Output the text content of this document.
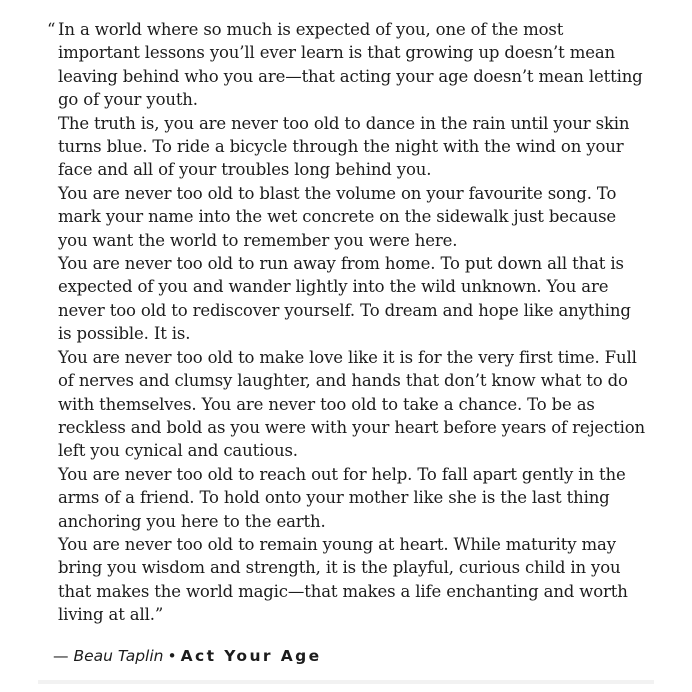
“ In a world where so much is expected of you, one of the most important lessons you’ll ever learn is that growing up doesn’t mean leaving behind who you are—that acting your age doesn’t mean letting go of your youth.

The truth is, you are never too old to dance in the rain until your skin turns blue. To ride a bicycle through the night with the wind on your face and all of your troubles long behind you.

You are never too old to blast the volume on your favourite song. To mark your name into the wet concrete on the sidewalk just because you want the world to remember you were here.

You are never too old to run away from home. To put down all that is expected of you and wander lightly into the wild unknown. You are never too old to rediscover yourself. To dream and hope like anything is possible. It is.

You are never too old to make love like it is for the very first time. Full of nerves and clumsy laughter, and hands that don’t know what to do with themselves. You are never too old to take a chance. To be as reckless and bold as you were with your heart before years of rejection left you cynical and cautious.

You are never too old to reach out for help. To fall apart gently in the arms of a friend. To hold onto your mother like she is the last thing anchoring you here to the earth.

You are never too old to remain young at heart. While maturity may bring you wisdom and strength, it is the playful, curious child in you that makes the world magic—that makes a life enchanting and worth living at all.”

— Beau Taplin • Act Your Age
